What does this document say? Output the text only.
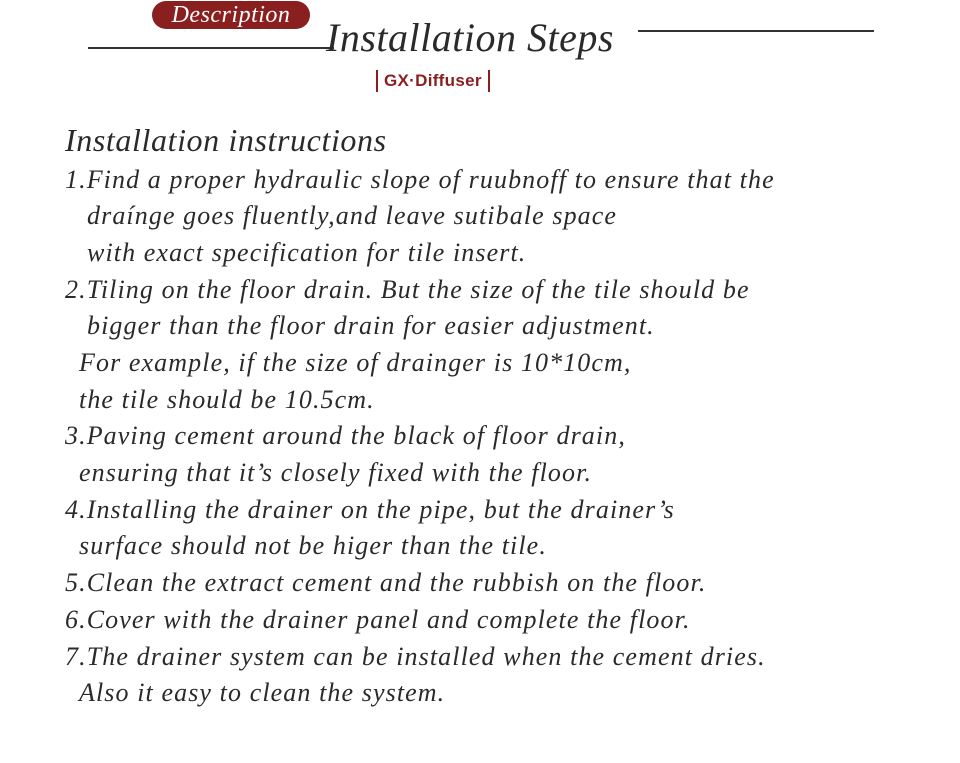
Description Installation Steps
GX·Diffuser
Installation instructions
1.Find a proper hydraulic slope of ruubnoff to ensure that the
draínge goes fluently,and leave sutibale space
with exact specification for tile insert.
2.Tiling on the floor drain. But the size of the tile should be
bigger than the floor drain for easier adjustment.
For example, if the size of drainger is 10*10cm,
the tile should be 10.5cm.
3.Paving cement around the black of floor drain,
ensuring that it’s closely fixed with the floor.
4.Installing the drainer on the pipe, but the drainer’s
surface should not be higer than the tile.
5.Clean the extract cement and the rubbish on the floor.
6.Cover with the drainer panel and complete the floor.
7.The drainer system can be installed when the cement dries.
Also it easy to clean the system.
